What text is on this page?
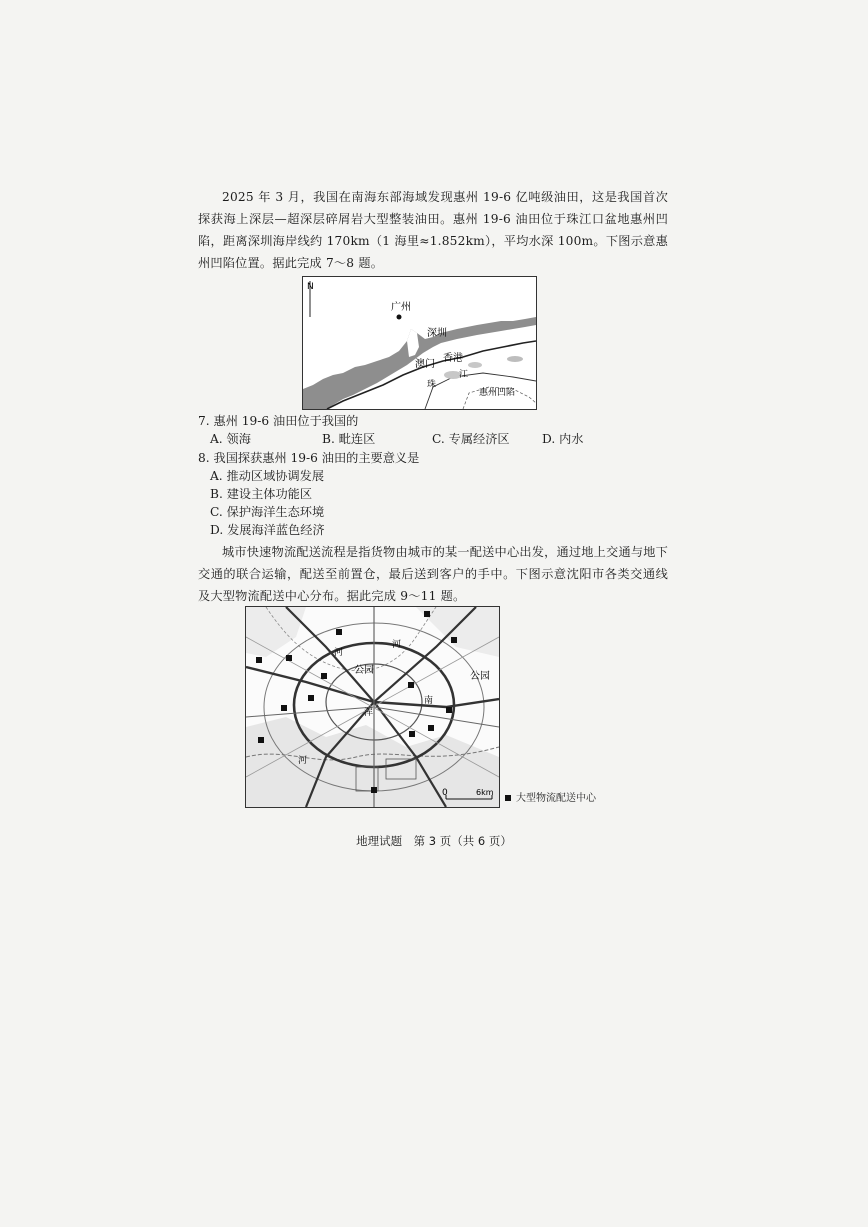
2025 年 3 月，我国在南海东部海域发现惠州 19-6 亿吨级油田，这是我国首次探获海上深层—超深层碎屑岩大型整装油田。惠州 19-6 油田位于珠江口盆地惠州凹陷，距离深圳海岸线约 170km（1 海里≈1.852km），平均水深 100m。下图示意惠州凹陷位置。据此完成 7～8 题。

N
广州
深圳
香港
澳门
珠
江
惠州凹陷

7. 惠州 19-6 油田位于我国的

A. 领海	B. 毗连区	C. 专属经济区	D. 内水

8. 我国探获惠州 19-6 油田的主要意义是

A. 推动区域协调发展
B. 建设主体功能区
C. 保护海洋生态环境
D. 发展海洋蓝色经济

城市快速物流配送流程是指货物由城市的某一配送中心出发，通过地上交通与地下交通的联合运输，配送至前置仓，最后送到客户的手中。下图示意沈阳市各类交通线及大型物流配送中心分布。据此完成 9～11 题。

公园
公园
河
河
浑
河
南
0	6km
大型物流配送中心
地理试题　第 3 页（共 6 页）
